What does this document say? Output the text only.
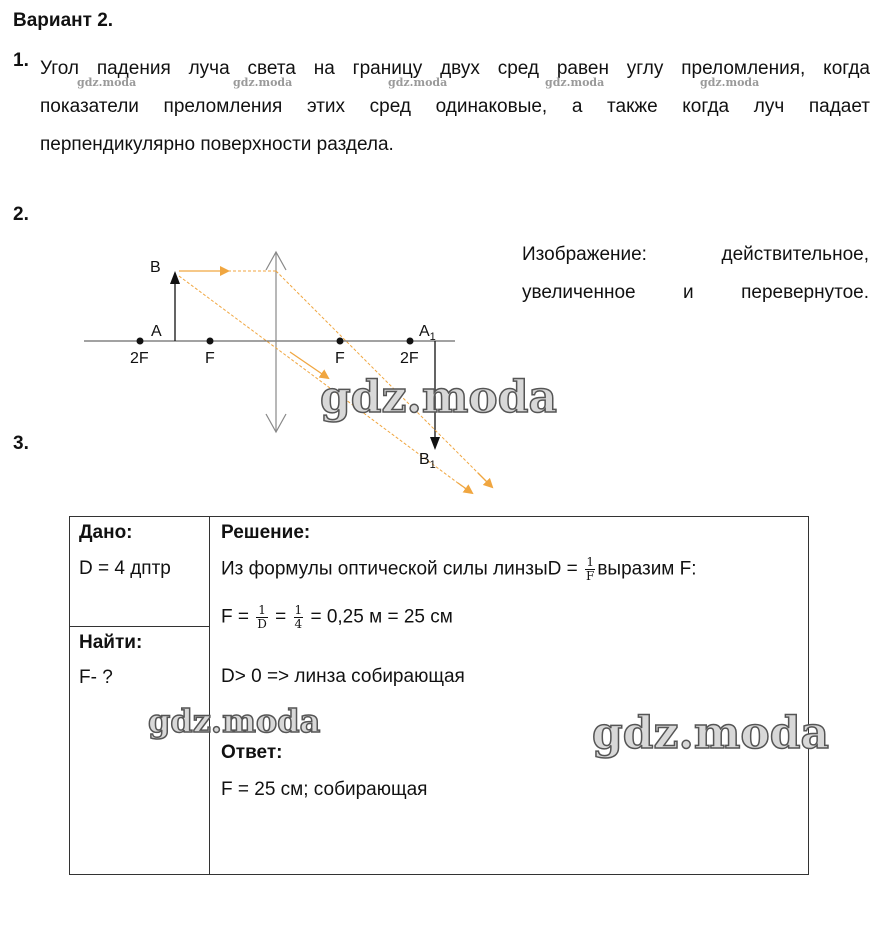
Вариант 2.
1. Угол падения луча света на границу двух сред равен углу преломления, когда
показатели преломления этих сред одинаковые, а также когда луч падает
перпендикулярно поверхности раздела.
gdz.moda	gdz.moda	gdz.moda	gdz.moda	gdz.moda
2.
Изображение: действительное,
увеличенное и перевернутое.
B
A	$A_1$
$B_1$
2F	F	F	2F
gdz.moda
3.
Дано:
D = 4 дптр
Найти:
F- ?
Решение:
Из формулы оптической силы линзыD = $\frac{1}{F}$ выразим F:
$F = \frac{1}{D} = \frac{1}{4} = 0,25$ м = 25 см
D> 0 => линза собирающая
Ответ:
F = 25 см; собирающая
gdz.moda	gdz.moda
